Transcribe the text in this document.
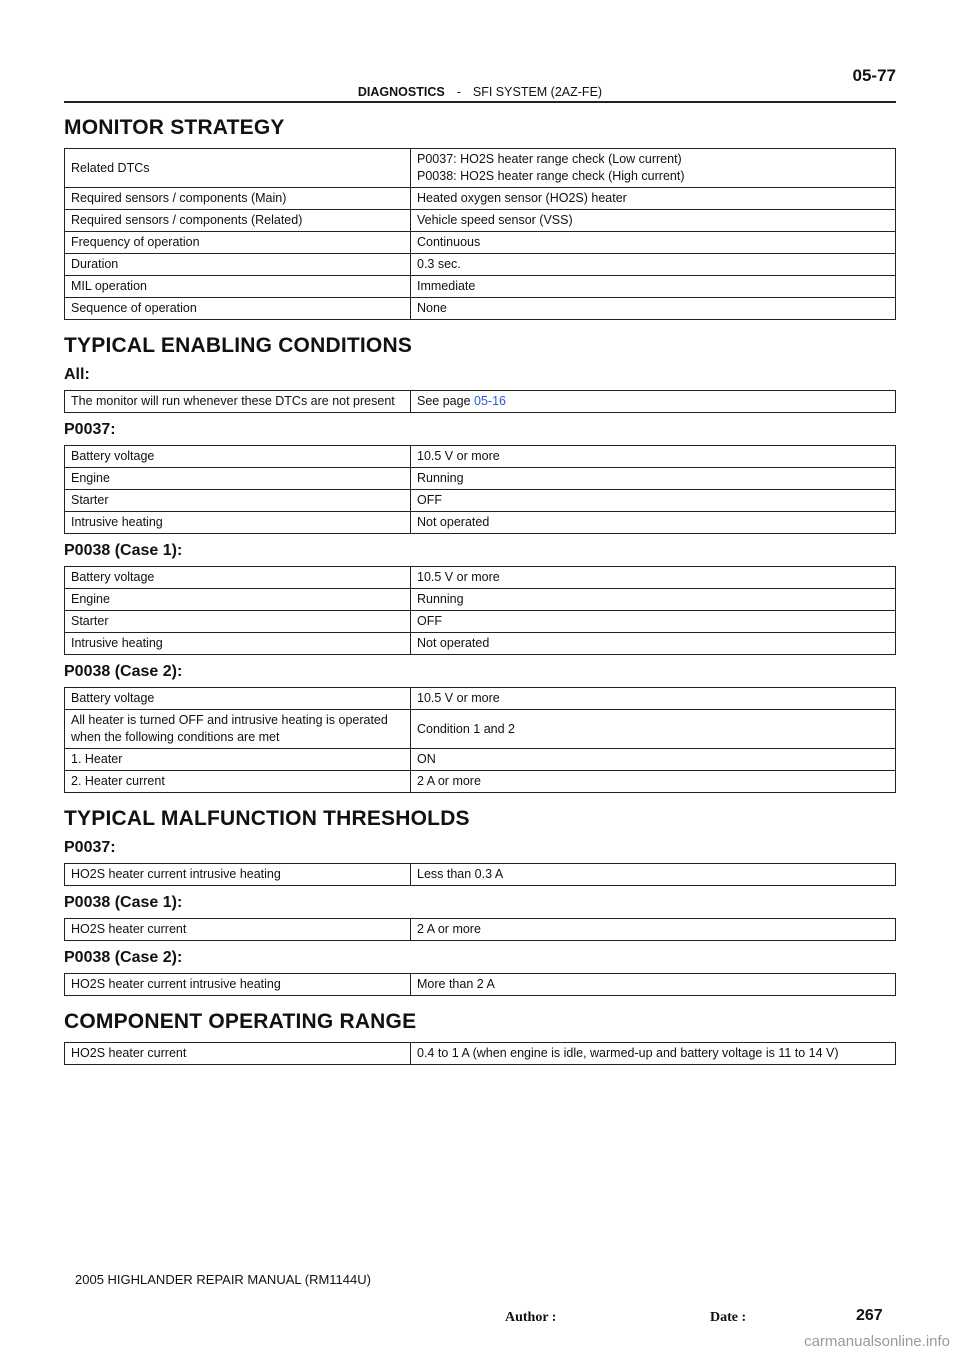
05-77
DIAGNOSTICS - SFI SYSTEM (2AZ-FE)
MONITOR STRATEGY
Related DTCs	P0037: HO2S heater range check (Low current)
P0038: HO2S heater range check (High current)

Required sensors / components (Main)	Heated oxygen sensor (HO2S) heater
Required sensors / components (Related)	Vehicle speed sensor (VSS)
Frequency of operation	Continuous
Duration	0.3 sec.
MIL operation	Immediate
Sequence of operation	None
TYPICAL ENABLING CONDITIONS
All:
The monitor will run whenever these DTCs are not present	See page 05-16
P0037:
Battery voltage	10.5 V or more
Engine	Running
Starter	OFF
Intrusive heating	Not operated
P0038 (Case 1):
Battery voltage	10.5 V or more
Engine	Running
Starter	OFF
Intrusive heating	Not operated
P0038 (Case 2):
Battery voltage	10.5 V or more

All heater is turned OFF and intrusive heating is operated
when the following conditions are met	Condition 1 and 2
1. Heater	ON
2. Heater current	2 A or more
TYPICAL MALFUNCTION THRESHOLDS
P0037:
HO2S heater current intrusive heating	Less than 0.3 A
P0038 (Case 1):
HO2S heater current	2 A or more
P0038 (Case 2):
HO2S heater current intrusive heating	More than 2 A
COMPONENT OPERATING RANGE
HO2S heater current	0.4 to 1 A (when engine is idle, warmed-up and battery voltage is 11 to 14 V)
2005 HIGHLANDER REPAIR MANUAL (RM1144U)
Author :	Date :	267
carmanualsonline.info
